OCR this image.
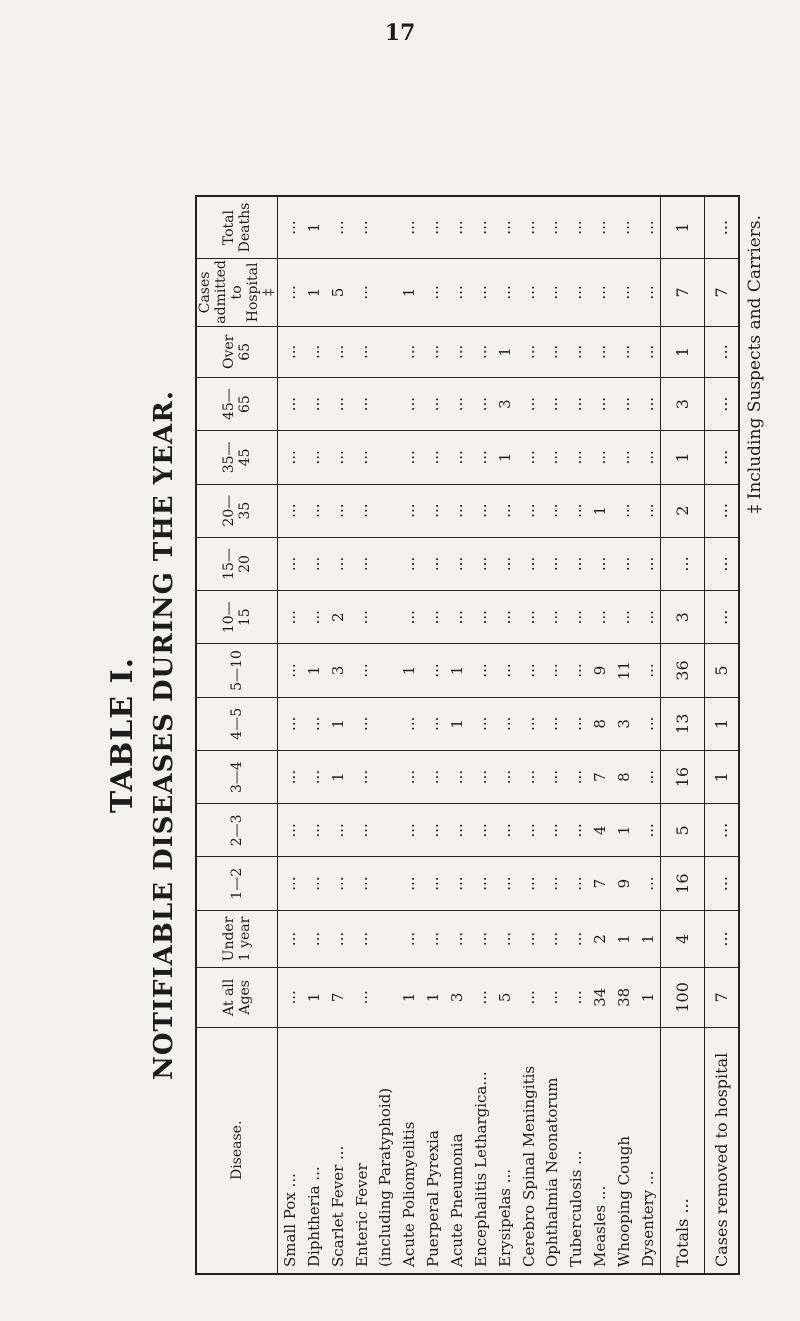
17
TABLE I. NOTIFIABLE DISEASES DURING THE YEAR.
Disease.	At all Ages	Under 1 year	1—2	2—3	3—4	4—5	5—10	10—15	15—20	20—35	35—45	45—65	Over 65	Cases admitted to Hospital ‡	Total Deaths
Small Pox ...	...	...	...	...	...	...	...	...	...	...	...	...	...	...	...
Diphtheria ...	1	...	...	...	...	...	1	...	...	...	...	...	...	1	1
Scarlet Fever ...	7	...	...	...	1	1	3	2	...	...	...	...	...	5	...
Enteric Fever	...	...	...	...	...	...	...	...	...	...	...	...	...	...	...
(including Paratyphoid)															
Acute Poliomyelitis	1	...	...	...	...	...	1	...	...	...	...	...	...	1	...
Puerperal Pyrexia	1	...	...	...	...	...	...	...	...	...	...	...	...	...	...
Acute Pneumonia	3	...	...	...	...	1	1	...	...	...	...	...	...	...	...
Encephalitis Lethargica...	...	...	...	...	...	...	...	...	...	...	...	...	...	...	...
Erysipelas ...	5	...	...	...	...	...	...	...	...	...	1	3	1	...	...
Cerebro Spinal Meningitis	...	...	...	...	...	...	...	...	...	...	...	...	...	...	...
Ophthalmia Neonatorum	...	...	...	...	...	...	...	...	...	...	...	...	...	...	...
Tuberculosis ...	...	...	...	...	...	...	...	...	...	...	...	...	...	...	...
Measles ...	34	2	7	4	7	8	9	...	...	1	...	...	...	...	...
Whooping Cough	38	1	9	1	8	3	11	...	...	...	...	...	...	...	...
Dysentery ...	1	1	...	...	...	...	...	...	...	...	...	...	...	...	...
Totals ...	100	4	16	5	16	13	36	3	...	2	1	3	1	7	1
Cases removed to hospital	7	...	...	...	1	1	5	...	...	...	...	...	...	7	... ‡ Including Suspects and Carriers.
